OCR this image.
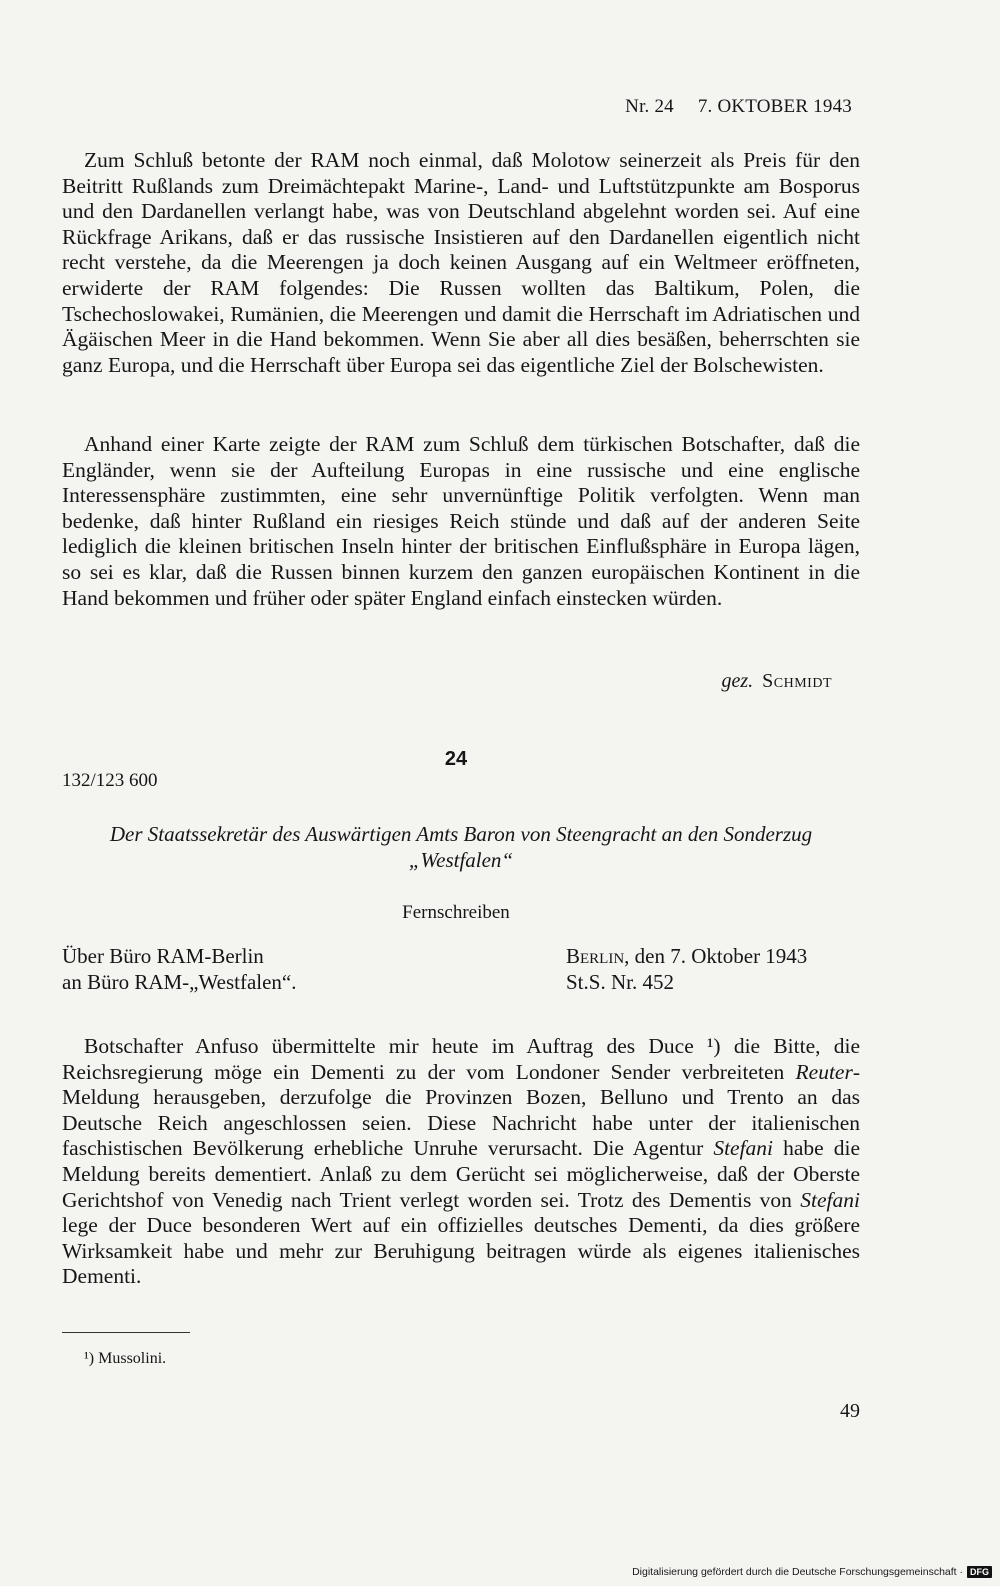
Nr. 24 7. OKTOBER 1943

Zum Schluß betonte der RAM noch einmal, daß Molotow seinerzeit als Preis für den Beitritt Rußlands zum Dreimächtepakt Marine-, Land- und Luftstützpunkte am Bosporus und den Dardanellen verlangt habe, was von Deutschland abgelehnt worden sei. Auf eine Rückfrage Arikans, daß er das russische Insistieren auf den Dardanellen eigentlich nicht recht verstehe, da die Meerengen ja doch keinen Ausgang auf ein Weltmeer eröffneten, erwiderte der RAM folgendes: Die Russen wollten das Baltikum, Polen, die Tschechoslowakei, Rumänien, die Meerengen und damit die Herrschaft im Adriatischen und Ägäischen Meer in die Hand bekommen. Wenn Sie aber all dies besäßen, beherrschten sie ganz Europa, und die Herrschaft über Europa sei das eigentliche Ziel der Bolschewisten.

Anhand einer Karte zeigte der RAM zum Schluß dem türkischen Botschafter, daß die Engländer, wenn sie der Aufteilung Europas in eine russische und eine englische Interessensphäre zustimmten, eine sehr unvernünftige Politik verfolgten. Wenn man bedenke, daß hinter Rußland ein riesiges Reich stünde und daß auf der anderen Seite lediglich die kleinen britischen Inseln hinter der britischen Einflußsphäre in Europa lägen, so sei es klar, daß die Russen binnen kurzem den ganzen europäischen Kontinent in die Hand bekommen und früher oder später England einfach einstecken würden.

gez. Schmidt
24
132/123 600

Der Staatssekretär des Auswärtigen Amts Baron von Steengracht an den Sonderzug „Westfalen“

Fernschreiben
Über Büro RAM-Berlin
an Büro RAM-„Westfalen“.
Berlin, den 7. Oktober 1943
St.S. Nr. 452

Botschafter Anfuso übermittelte mir heute im Auftrag des Duce ¹) die Bitte, die Reichsregierung möge ein Dementi zu der vom Londoner Sender verbreiteten Reuter-Meldung herausgeben, derzufolge die Provinzen Bozen, Belluno und Trento an das Deutsche Reich angeschlossen seien. Diese Nachricht habe unter der italienischen faschistischen Bevölkerung erhebliche Unruhe verursacht. Die Agentur Stefani habe die Meldung bereits dementiert. Anlaß zu dem Gerücht sei möglicherweise, daß der Oberste Gerichtshof von Venedig nach Trient verlegt worden sei. Trotz des Dementis von Stefani lege der Duce besonderen Wert auf ein offizielles deutsches Dementi, da dies größere Wirksamkeit habe und mehr zur Beruhigung beitragen würde als eigenes italienisches Dementi.

¹) Mussolini.
49
Digitalisierung gefördert durch die Deutsche Forschungsgemeinschaft · DFG
